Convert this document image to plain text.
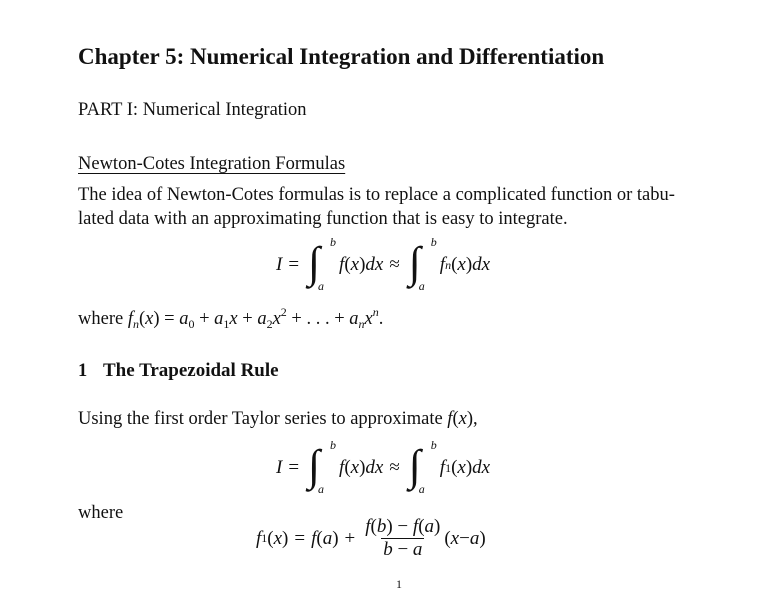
Chapter 5: Numerical Integration and Differentiation
PART I: Numerical Integration
Newton-Cotes Integration Formulas
The idea of Newton-Cotes formulas is to replace a complicated function or tabu-
lated data with an approximating function that is easy to integrate.
I = ∫ b
a
f ( x ) dx ≈ ∫ b
a
f n ( x ) dx
where $f_n(x) = a_0 + a_1x + a_2x^2$ + . . . + $a_nx^n$.
1 The Trapezoidal Rule
Using the first order Taylor series to approximate f(x),
I = ∫ b
a
f ( x ) dx ≈ ∫ b
a
f 1 ( x ) dx
where
f 1 ( x ) = f ( a ) + $\frac{f(b) - f(a)}{b - a}$ ( x − a )
1
